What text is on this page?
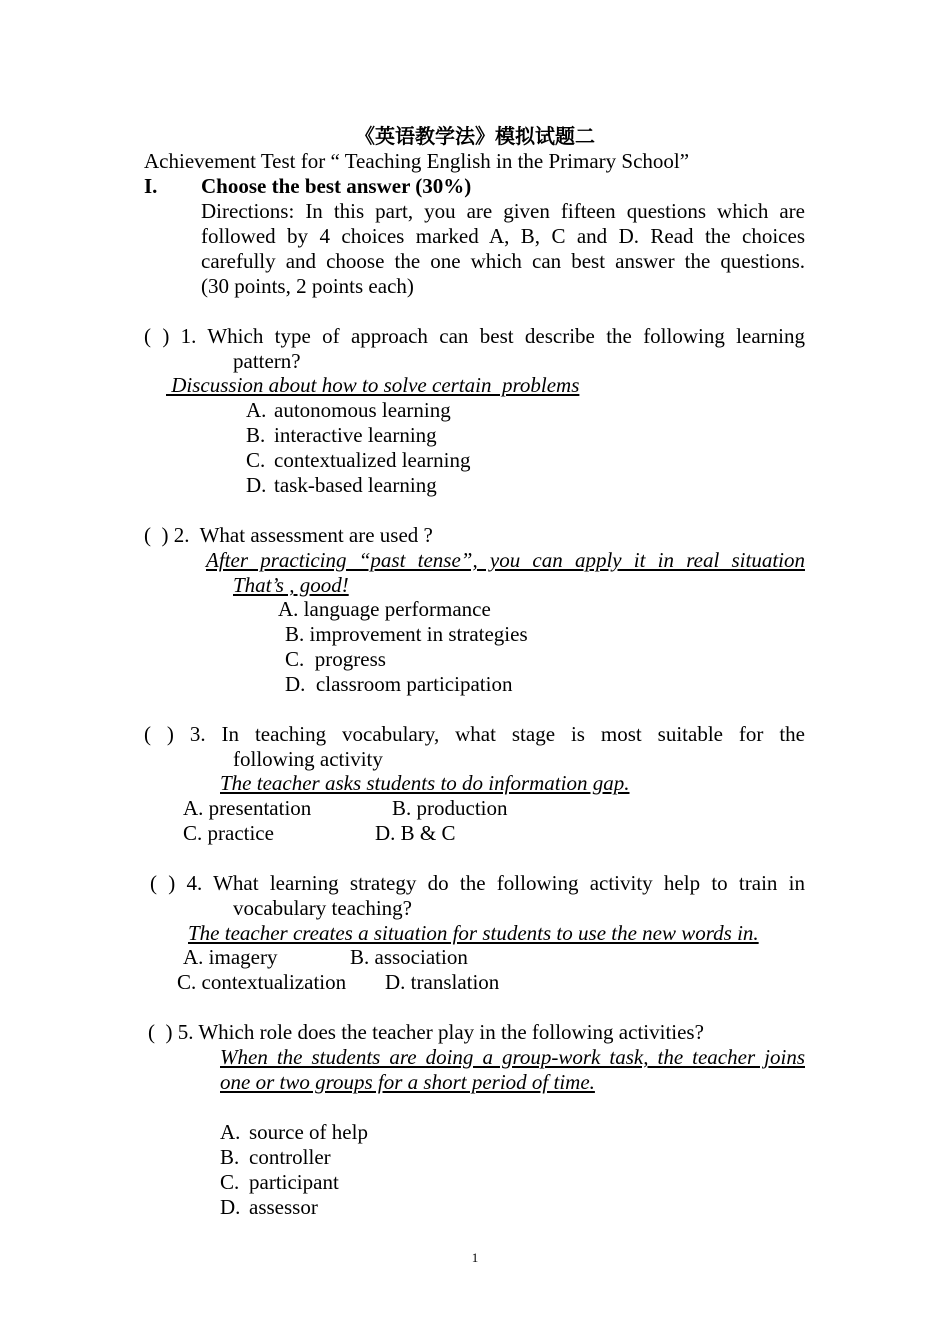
《英语教学法》模拟试题二
Achievement Test for “ Teaching English in the Primary School”
I. Choose the best answer (30%)
Directions: In this part, you are given fifteen questions which are
followed by 4 choices marked A, B, C and D. Read the choices
carefully and choose the one which can best answer the questions.
(30 points, 2 points each)
( ) 1. Which type of approach can best describe the following learning
pattern?
Discussion about how to solve certain  problems
A. autonomous learning
B. interactive learning
C. contextualized learning
D. task-based learning
(  ) 2.  What assessment are used ?
After practicing “past tense”, you can apply it in real situation
That’s , good!
A. language performance
B. improvement in strategies
C.  progress
D.  classroom participation
( ) 3. In teaching vocabulary, what stage is most suitable for the
following activity
The teacher asks students to do information gap.
A. presentation	B. production
C. practice	D. B & C
( ) 4. What learning strategy do the following activity help to train in
vocabulary teaching?
The teacher creates a situation for students to use the new words in.
A. imagery	B. association
C. contextualization D. translation
(  ) 5. Which role does the teacher play in the following activities?
When the students are doing a group-work task, the teacher joins
one or two groups for a short period of time.
A. source of help
B. controller
C. participant
D. assessor
1
